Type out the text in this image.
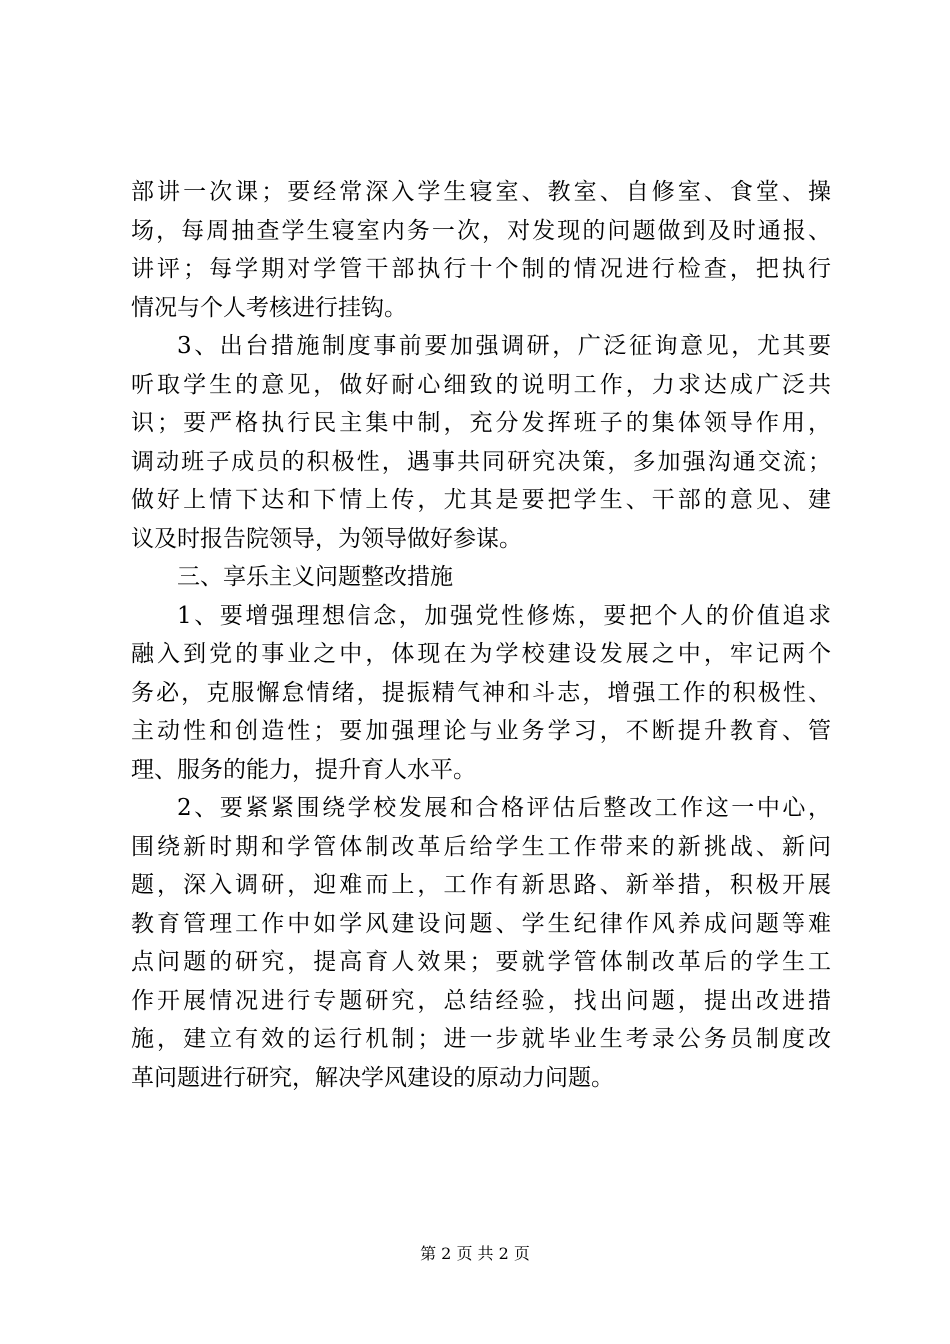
部讲一次课；要经常深入学生寝室、教室、自修室、食堂、操
场，每周抽查学生寝室内务一次，对发现的问题做到及时通报、
讲评；每学期对学管干部执行十个制的情况进行检查，把执行
情况与个人考核进行挂钩。
3、出台措施制度事前要加强调研，广泛征询意见，尤其要
听取学生的意见，做好耐心细致的说明工作，力求达成广泛共
识；要严格执行民主集中制，充分发挥班子的集体领导作用，
调动班子成员的积极性，遇事共同研究决策，多加强沟通交流；
做好上情下达和下情上传，尤其是要把学生、干部的意见、建
议及时报告院领导，为领导做好参谋。
三、享乐主义问题整改措施
1、要增强理想信念，加强党性修炼，要把个人的价值追求
融入到党的事业之中，体现在为学校建设发展之中，牢记两个
务必，克服懈怠情绪，提振精气神和斗志，增强工作的积极性、
主动性和创造性；要加强理论与业务学习，不断提升教育、管
理、服务的能力，提升育人水平。
2、要紧紧围绕学校发展和合格评估后整改工作这一中心，
围绕新时期和学管体制改革后给学生工作带来的新挑战、新问
题，深入调研，迎难而上，工作有新思路、新举措，积极开展
教育管理工作中如学风建设问题、学生纪律作风养成问题等难
点问题的研究，提高育人效果；要就学管体制改革后的学生工
作开展情况进行专题研究，总结经验，找出问题，提出改进措
施，建立有效的运行机制；进一步就毕业生考录公务员制度改
革问题进行研究，解决学风建设的原动力问题。
第 2 页 共 2 页
